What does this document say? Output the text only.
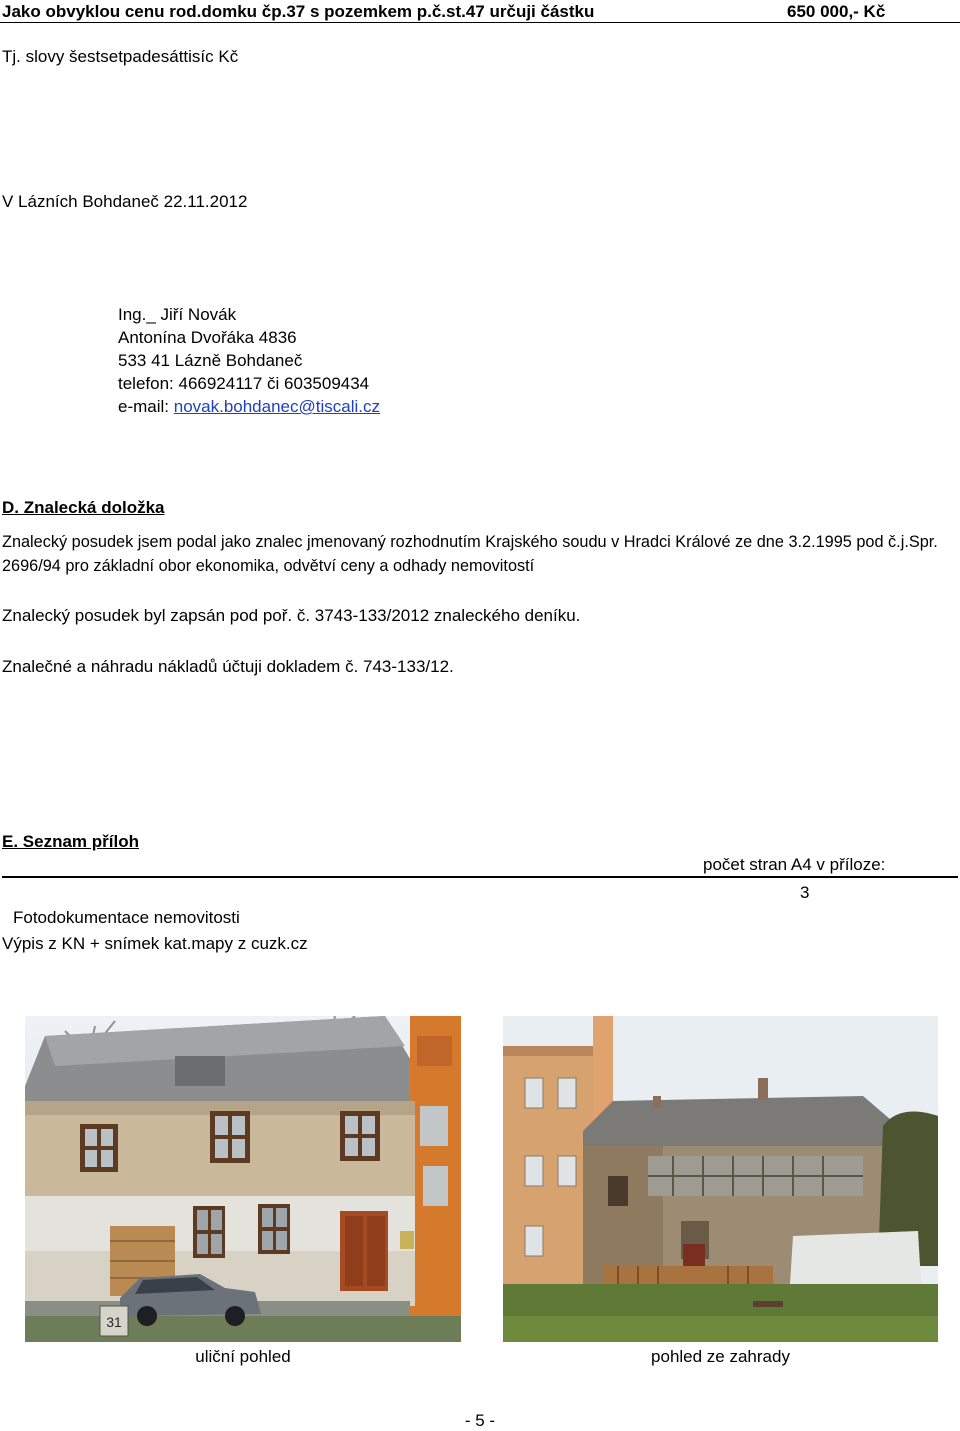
Jako obvyklou cenu rod.domku čp.37 s pozemkem p.č.st.47 určuji částku	650 000,- Kč
Tj. slovy šestsetpadesáttisíc Kč
V Lázních Bohdaneč 22.11.2012
Ing._ Jiří Novák
Antonína Dvořáka 4836
533 41 Lázně Bohdaneč
telefon: 466924117 či 603509434
e-mail: novak.bohdanec@tiscali.cz
D. Znalecká doložka
Znalecký posudek jsem podal jako znalec jmenovaný rozhodnutím Krajského soudu v Hradci Králové ze dne 3.2.1995 pod č.j.Spr.
2696/94 pro základní obor ekonomika, odvětví ceny a odhady nemovitostí
Znalecký posudek byl zapsán pod poř. č. 3743-133/2012 znaleckého deníku.
Znalečné a náhradu nákladů účtuji dokladem č. 743-133/12.
E. Seznam příloh
počet stran A4 v příloze:
3
Fotodokumentace nemovitosti
Výpis z KN + snímek kat.mapy z cuzk.cz
31
uliční pohled	pohled ze zahrady
- 5 -
